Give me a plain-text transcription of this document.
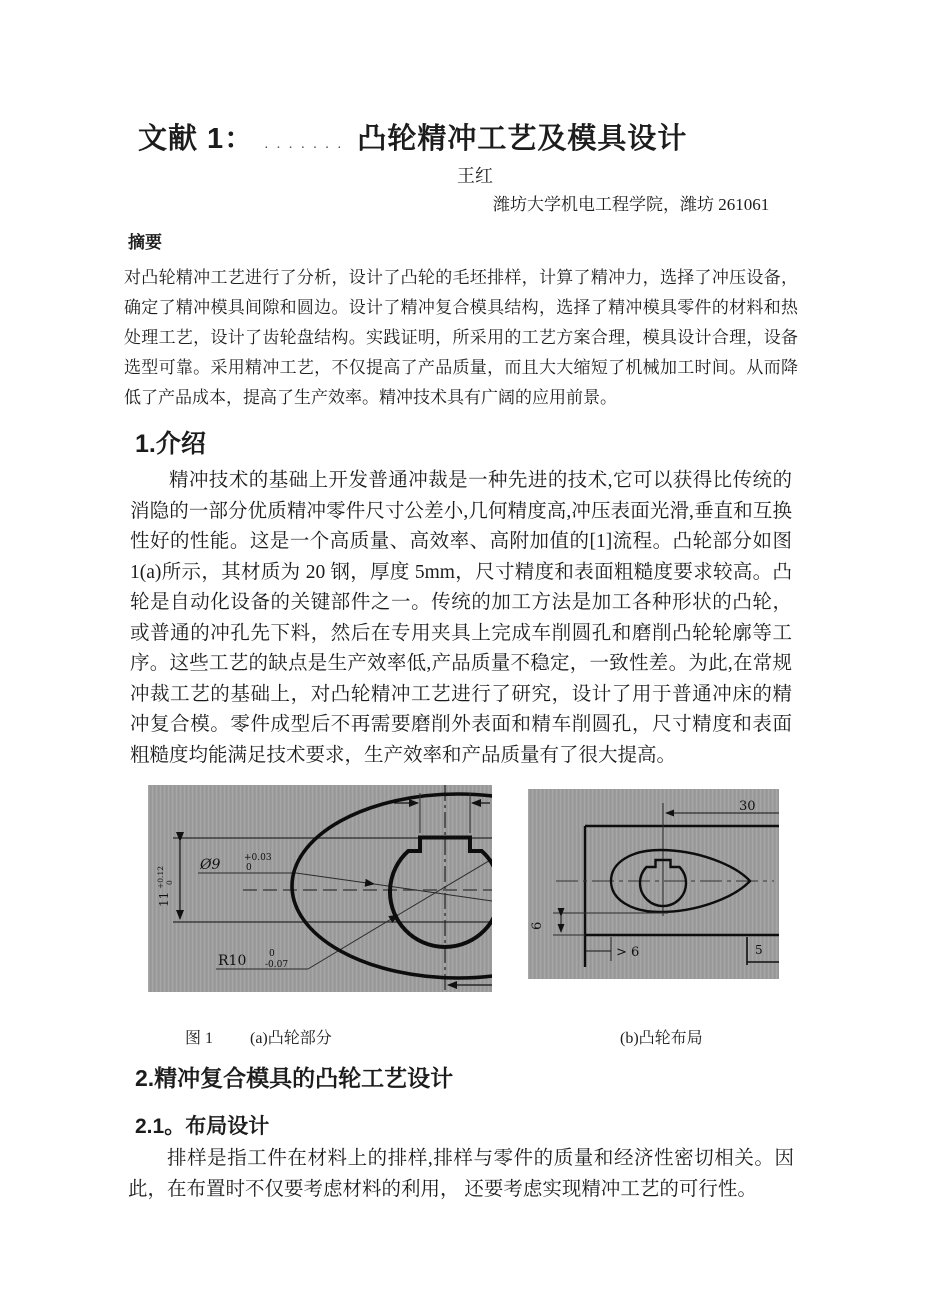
文献 1： ....... 凸轮精冲工艺及模具设计
王红
潍坊大学机电工程学院，潍坊 261061
摘要
对凸轮精冲工艺进行了分析，设计了凸轮的毛坯排样，计算了精冲力，选择了冲压设备，确定了精冲模具间隙和圆边。设计了精冲复合模具结构，选择了精冲模具零件的材料和热处理工艺，设计了齿轮盘结构。实践证明，所采用的工艺方案合理，模具设计合理，设备选型可靠。采用精冲工艺，不仅提高了产品质量，而且大大缩短了机械加工时间。从而降低了产品成本，提高了生产效率。精冲技术具有广阔的应用前景。
1.介绍
精冲技术的基础上开发普通冲裁是一种先进的技术,它可以获得比传统的消隐的一部分优质精冲零件尺寸公差小,几何精度高,冲压表面光滑,垂直和互换性好的性能。这是一个高质量、高效率、高附加值的[1]流程。凸轮部分如图 1(a)所示，其材质为 20 钢，厚度 5mm，尺寸精度和表面粗糙度要求较高。凸轮是自动化设备的关键部件之一。传统的加工方法是加工各种形状的凸轮，或普通的冲孔先下料，然后在专用夹具上完成车削圆孔和磨削凸轮轮廓等工序。这些工艺的缺点是生产效率低,产品质量不稳定，一致性差。为此,在常规冲裁工艺的基础上，对凸轮精冲工艺进行了研究，设计了用于普通冲床的精冲复合模。零件成型后不再需要磨削外表面和精车削圆孔，尺寸精度和表面粗糙度均能满足技术要求，生产效率和产品质量有了很大提高。
11
+0.12 0
Ø9	+0.03
0
R10	0
-0.07
30
6
> 6	5
图 1 (a)凸轮部分	(b)凸轮布局
2.精冲复合模具的凸轮工艺设计
2.1。布局设计
排样是指工件在材料上的排样,排样与零件的质量和经济性密切相关。因此，在布置时不仅要考虑材料的利用， 还要考虑实现精冲工艺的可行性。
